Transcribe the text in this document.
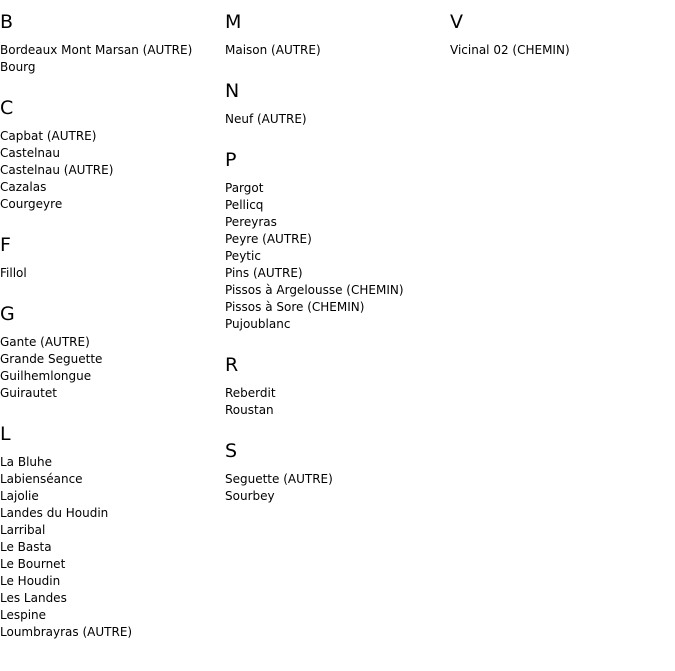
B
Bordeaux Mont Marsan (AUTRE)
Bourg
C
Capbat (AUTRE)
Castelnau
Castelnau (AUTRE)
Cazalas
Courgeyre
F
Fillol
G
Gante (AUTRE)
Grande Seguette
Guilhemlongue
Guirautet
L
La Bluhe
Labienséance
Lajolie
Landes du Houdin
Larribal
Le Basta
Le Bournet
Le Houdin
Les Landes
Lespine
Loumbrayras (AUTRE)
M
Maison (AUTRE)
N
Neuf (AUTRE)
P
Pargot
Pellicq
Pereyras
Peyre (AUTRE)
Peytic
Pins (AUTRE)
Pissos à Argelousse (CHEMIN)
Pissos à Sore (CHEMIN)
Pujoublanc
R
Reberdit
Roustan
S
Seguette (AUTRE)
Sourbey
V
Vicinal 02 (CHEMIN)
